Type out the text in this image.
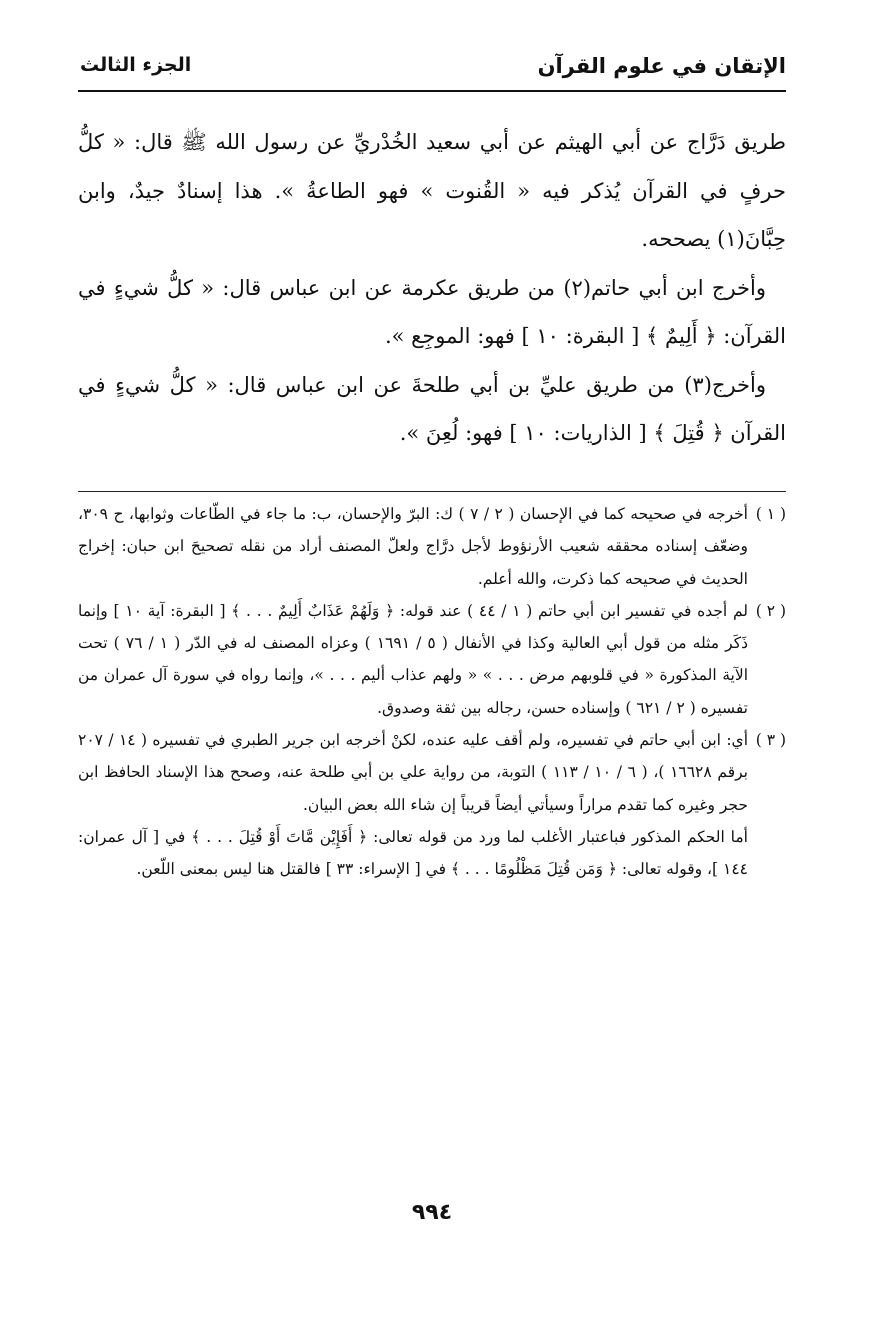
الإتقان في علوم القرآن
الجزء الثالث

طريق دَرَّاج عن أبي الهيثم عن أبي سعيد الخُدْريِّ عن رسول الله ﷺ قال: « كلُّ حرفٍ في القرآن يُذكر فيه « القُنوت » فهو الطاعةُ ». هذا إسنادٌ جيدٌ، وابن حِبَّانَ(١) يصححه.

وأخرج ابن أبي حاتم(٢) من طريق عكرمة عن ابن عباس قال: « كلُّ شيءٍ في القرآن: ﴿ أَلِيمٌ ﴾ [ البقرة: ١٠ ] فهو: الموجِع ».

وأخرج(٣) من طريق عليِّ بن أبي طلحةَ عن ابن عباس قال: « كلُّ شيءٍ في القرآن ﴿ قُتِلَ ﴾ [ الذاريات: ١٠ ] فهو: لُعِنَ ».

( ١ )

أخرجه في صحيحه كما في الإحسان ( ٢ / ٧ ) ك: البرّ والإحسان، ب: ما جاء في الطّاعات وثوابها، ح ٣٠٩، وضعّف إسناده محققه شعيب الأرنؤوط لأجل درَّاج ولعلّ المصنف أراد من نقله تصحيحَ ابن حبان: إخراج الحديث في صحيحه كما ذكرت، والله أعلم.

( ٢ )

لم أجده في تفسير ابن أبي حاتم ( ١ / ٤٤ ) عند قوله: ﴿ وَلَهُمْ عَذَابٌ أَلِيمٌ . . . ﴾ [ البقرة: آية ١٠ ] وإنما ذَكَر مثله من قول أبي العالية وكذا في الأنفال ( ٥ / ١٦٩١ ) وعزاه المصنف له في الدّر ( ١ / ٧٦ ) تحت الآية المذكورة « في قلوبهم مرض . . . » « ولهم عذاب أليم . . . »، وإنما رواه في سورة آل عمران من تفسيره ( ٢ / ٦٢١ ) وإسناده حسن، رجاله بين ثقة وصدوق.

( ٣ )

أي: ابن أبي حاتم في تفسيره، ولم أقف عليه عنده، لكنْ أخرجه ابن جرير الطبري في تفسيره ( ١٤ / ٢٠٧ برقم ١٦٦٢٨ )، ( ٦ / ١٠ / ١١٣ ) التوبة، من رواية علي بن أبي طلحة عنه، وصحح هذا الإسناد الحافظ ابن حجر وغيره كما تقدم مراراً وسيأتي أيضاً قريباً إن شاء الله بعض البيان.

أما الحكم المذكور فباعتبار الأغلب لما ورد من قوله تعالى: ﴿ أَفَإِيْن مَّاتَ أَوْ قُتِلَ . . . ﴾ في [ آل عمران: ١٤٤ ]، وقوله تعالى: ﴿ وَمَن قُتِلَ مَظْلُومًا . . . ﴾ في [ الإسراء: ٣٣ ] فالقتل هنا ليس بمعنى اللّعن.

٩٩٤
